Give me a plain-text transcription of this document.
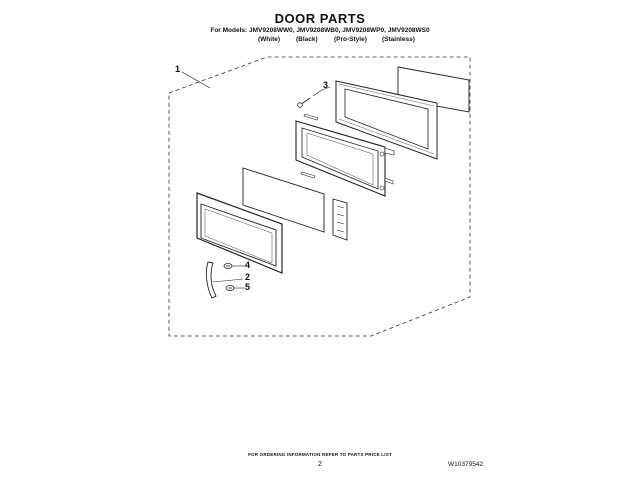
DOOR PARTS
For Models: JMV9208WW0, JMV9208WB0, JMV9208WP0, JMV9208WS0
(White) (Black)	(Pro-Style) (Stainless)
1
3
4
2
5
FOR ORDERING INFORMATION REFER TO PARTS PRICE LIST
2	W10379542
